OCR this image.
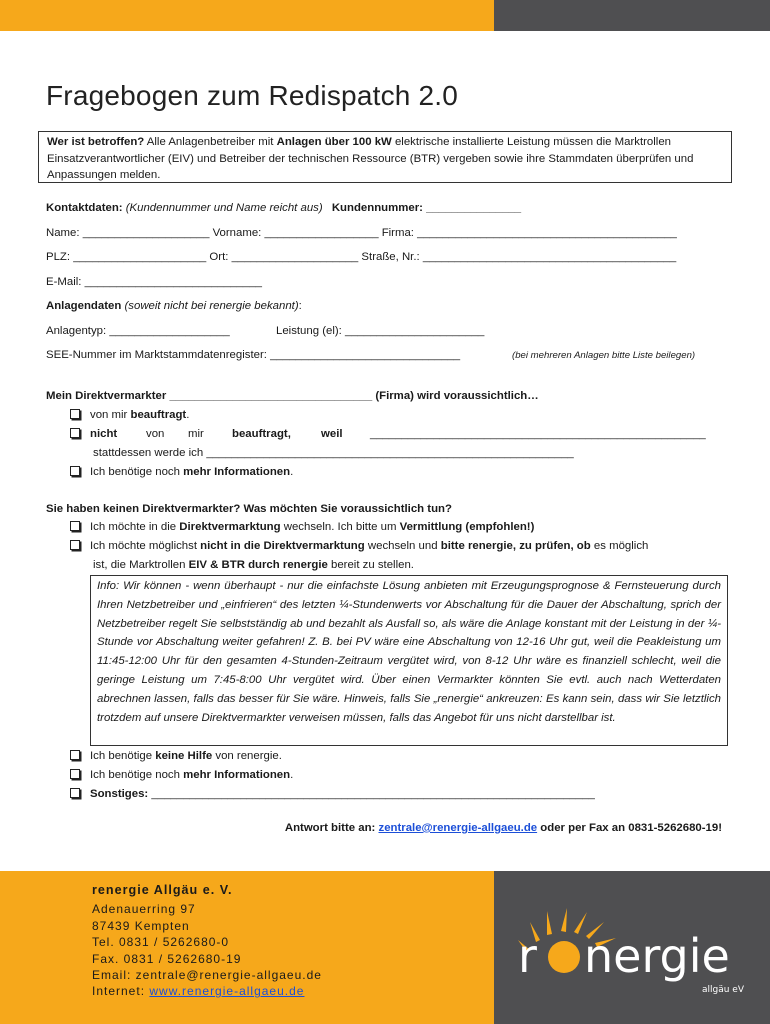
Fragebogen zum Redispatch 2.0
Wer ist betroffen? Alle Anlagenbetreiber mit Anlagen über 100 kW elektrische installierte Leistung müssen die Marktrollen Einsatzverantwortlicher (EIV) und Betreiber der technischen Ressource (BTR) vergeben sowie ihre Stammdaten überprüfen und Anpassungen melden.
Kontaktdaten: (Kundennummer und Name reicht aus) Kundennummer: _______________
Name: ____________________ Vorname: __________________ Firma: _________________________________________
PLZ: _____________________ Ort: ____________________ Straße, Nr.: ________________________________________
E-Mail: ____________________________
Anlagendaten (soweit nicht bei renergie bekannt):
Anlagentyp: ___________________	Leistung (el): ______________________
SEE-Nummer im Marktstammdatenregister: ______________________________	(bei mehreren Anlagen bitte Liste beilegen)
Mein Direktvermarkter ________________________________ (Firma) wird voraussichtlich…
von mir beauftragt.
nicht	von mir beauftragt,	weil _____________________________________________________
stattdessen werde ich __________________________________________________________
Ich benötige noch mehr Informationen.
Sie haben keinen Direktvermarkter? Was möchten Sie voraussichtlich tun?
Ich möchte in die Direktvermarktung wechseln. Ich bitte um Vermittlung (empfohlen!)
Ich möchte möglichst nicht in die Direktvermarktung wechseln und bitte renergie, zu prüfen, ob es möglich
ist, die Marktrollen EIV & BTR durch renergie bereit zu stellen.
Info: Wir können - wenn überhaupt - nur die einfachste Lösung anbieten mit Erzeugungsprognose & Fernsteuerung durch Ihren Netzbetreiber und „einfrieren“ des letzten ¼-Stundenwerts vor Abschaltung für die Dauer der Abschaltung, sprich der Netzbetreiber regelt Sie selbstständig ab und bezahlt als Ausfall so, als wäre die Anlage konstant mit der Leistung in der ¼-Stunde vor Abschaltung weiter gefahren! Z. B. bei PV wäre eine Abschaltung von 12-16 Uhr gut, weil die Peakleistung um 11:45-12:00 Uhr für den gesamten 4-Stunden-Zeitraum vergütet wird, von 8-12 Uhr wäre es finanziell schlecht, weil die geringe Leistung um 7:45-8:00 Uhr vergütet wird. Über einen Vermarkter könnten Sie evtl. auch nach Wetterdaten abrechnen lassen, falls das besser für Sie wäre. Hinweis, falls Sie „renergie“ ankreuzen: Es kann sein, dass wir Sie letztlich trotzdem auf unsere Direktvermarkter verweisen müssen, falls das Angebot für uns nicht darstellbar ist.
Ich benötige keine Hilfe von renergie.
Ich benötige noch mehr Informationen.
Sonstiges: ______________________________________________________________________
Antwort bitte an: zentrale@renergie-allgaeu.de oder per Fax an 0831-5262680-19!
renergie Allgäu e. V.
Adenauerring 97
87439 Kempten
Tel. 0831 / 5262680-0
Fax. 0831 / 5262680-19
Email: zentrale@renergie-allgaeu.de
Internet: www.renergie-allgaeu.de
r nergie
allgäu eV
